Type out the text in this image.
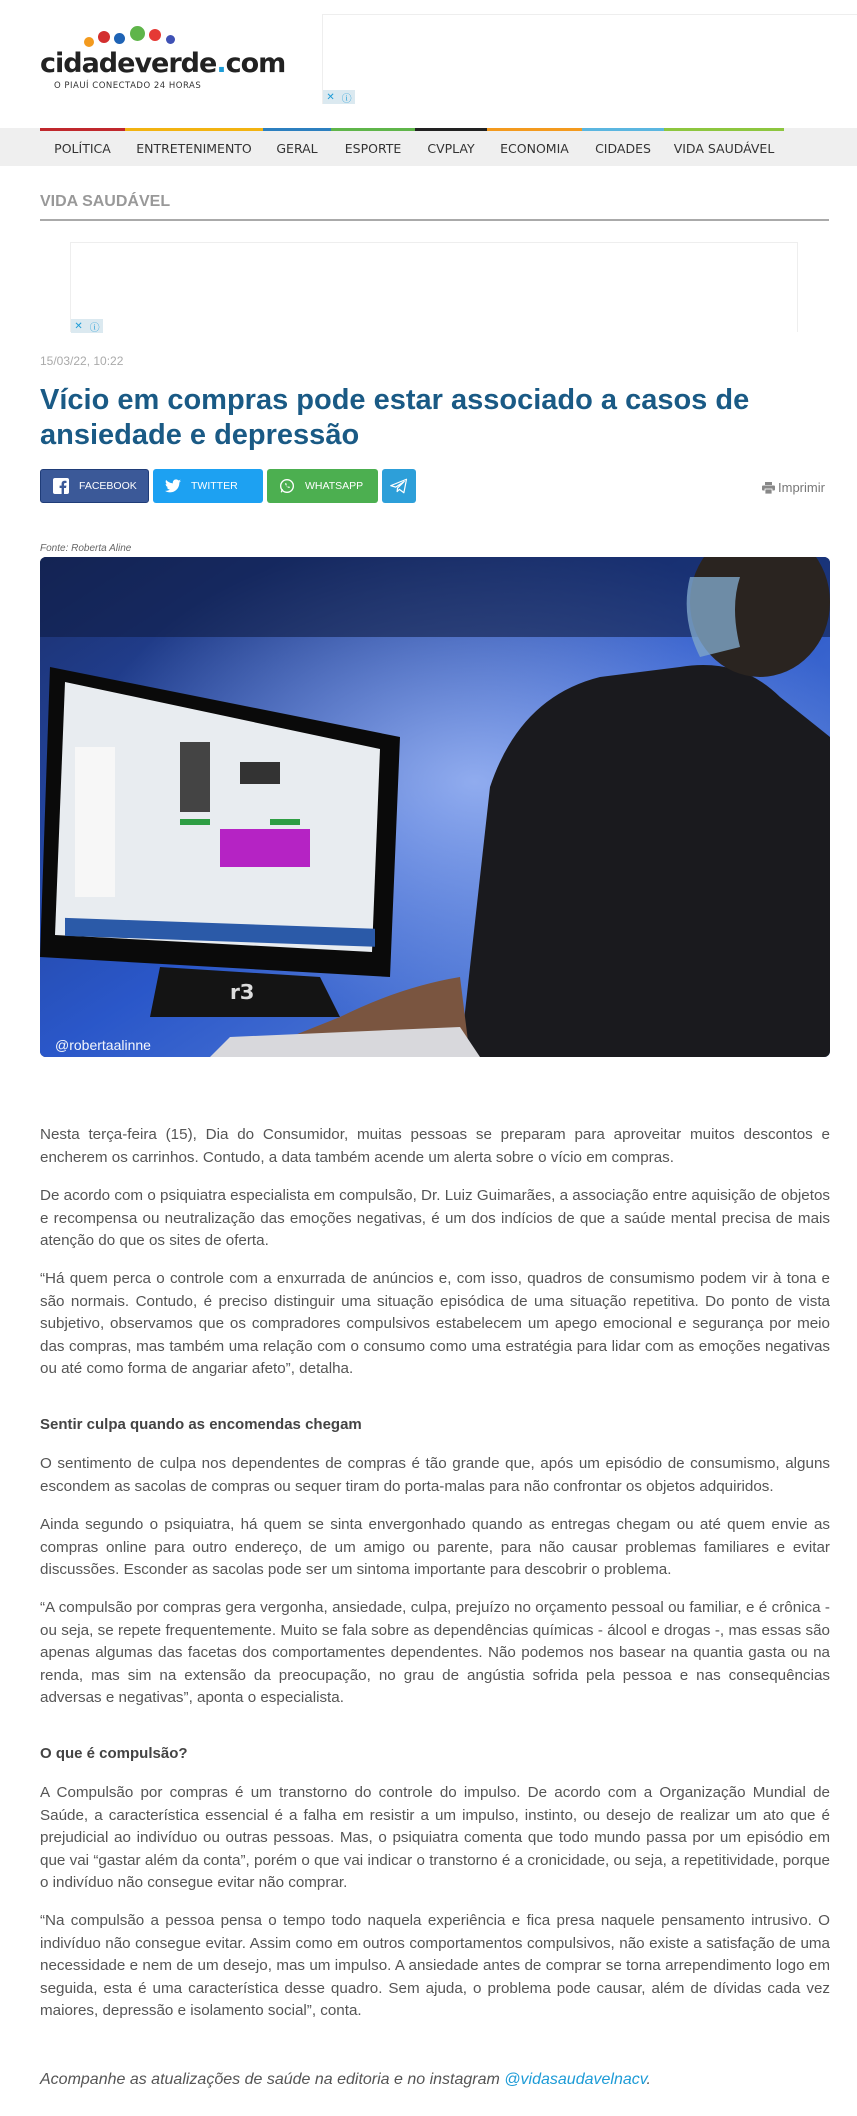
cidadeverde.com
O PIAUÍ CONECTADO 24 HORAS
✕ ⓘ
POLÍTICA	ENTRETENIMENTO	GERAL	ESPORTE	CVPLAY	ECONOMIA	CIDADES	VIDA SAUDÁVEL
VIDA SAUDÁVEL
✕ ⓘ
15/03/22, 10:22
Vício em compras pode estar associado a casos de ansiedade e depressão
FACEBOOK	TWITTER	WHATSAPP	Imprimir
Fonte: Roberta Aline
rЗ
@robertaalinne

Nesta terça-feira (15), Dia do Consumidor, muitas pessoas se preparam para aproveitar muitos descontos e encherem os carrinhos. Contudo, a data também acende um alerta sobre o vício em compras.

De acordo com o psiquiatra especialista em compulsão, Dr. Luiz Guimarães, a associação entre aquisição de objetos e recompensa ou neutralização das emoções negativas, é um dos indícios de que a saúde mental precisa de mais atenção do que os sites de oferta.

“Há quem perca o controle com a enxurrada de anúncios e, com isso, quadros de consumismo podem vir à tona e são normais. Contudo, é preciso distinguir uma situação episódica de uma situação repetitiva. Do ponto de vista subjetivo, observamos que os compradores compulsivos estabelecem um apego emocional e segurança por meio das compras, mas também uma relação com o consumo como uma estratégia para lidar com as emoções negativas ou até como forma de angariar afeto”, detalha.

Sentir culpa quando as encomendas chegam

O sentimento de culpa nos dependentes de compras é tão grande que, após um episódio de consumismo, alguns escondem as sacolas de compras ou sequer tiram do porta-malas para não confrontar os objetos adquiridos.

Ainda segundo o psiquiatra, há quem se sinta envergonhado quando as entregas chegam ou até quem envie as compras online para outro endereço, de um amigo ou parente, para não causar problemas familiares e evitar discussões. Esconder as sacolas pode ser um sintoma importante para descobrir o problema.

“A compulsão por compras gera vergonha, ansiedade, culpa, prejuízo no orçamento pessoal ou familiar, e é crônica - ou seja, se repete frequentemente. Muito se fala sobre as dependências químicas - álcool e drogas -, mas essas são apenas algumas das facetas dos comportamentes dependentes. Não podemos nos basear na quantia gasta ou na renda, mas sim na extensão da preocupação, no grau de angústia sofrida pela pessoa e nas consequências adversas e negativas”, aponta o especialista.

O que é compulsão?

A Compulsão por compras é um transtorno do controle do impulso. De acordo com a Organização Mundial de Saúde, a característica essencial é a falha em resistir a um impulso, instinto, ou desejo de realizar um ato que é prejudicial ao indivíduo ou outras pessoas. Mas, o psiquiatra comenta que todo mundo passa por um episódio em que vai “gastar além da conta”, porém o que vai indicar o transtorno é a cronicidade, ou seja, a repetitividade, porque o indivíduo não consegue evitar não comprar.

“Na compulsão a pessoa pensa o tempo todo naquela experiência e fica presa naquele pensamento intrusivo. O indivíduo não consegue evitar. Assim como em outros comportamentos compulsivos, não existe a satisfação de uma necessidade e nem de um desejo, mas um impulso. A ansiedade antes de comprar se torna arrependimento logo em seguida, esta é uma característica desse quadro. Sem ajuda, o problema pode causar, além de dívidas cada vez maiores, depressão e isolamento social”, conta.

Acompanhe as atualizações de saúde na editoria e no instagram @vidasaudavelnacv.
